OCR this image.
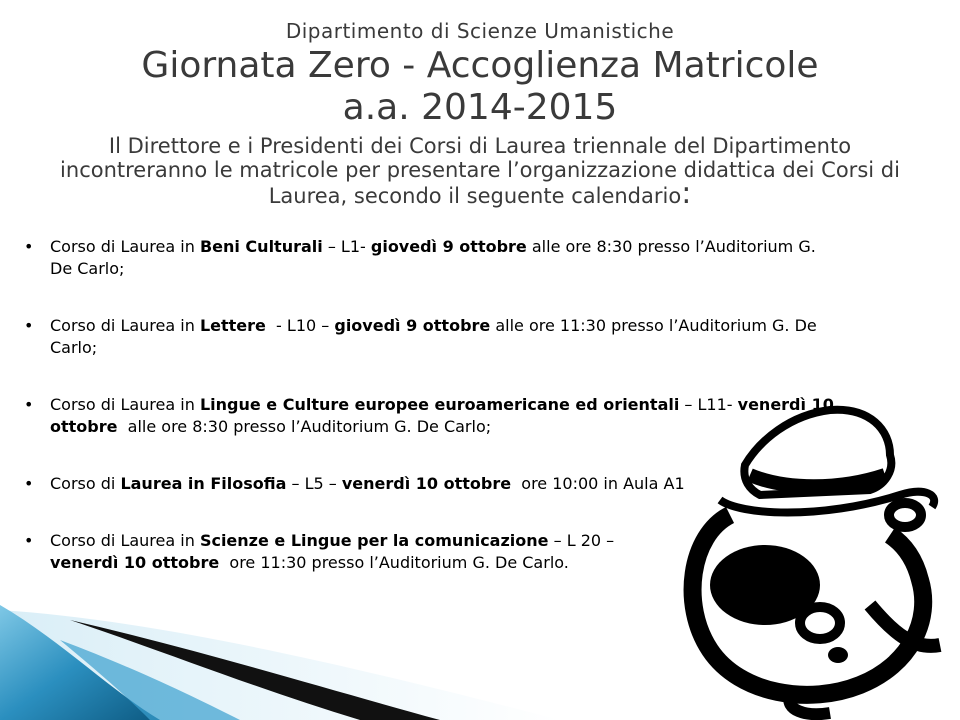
Dipartimento di Scienze Umanistiche
Giornata Zero - Accoglienza Matricole
a.a. 2014-2015
Il Direttore e i Presidenti dei Corsi di Laurea triennale del Dipartimento incontreranno le matricole per presentare l’organizzazione didattica dei Corsi di Laurea, secondo il seguente calendario:
• Corso di Laurea in Beni Culturali – L1- giovedì 9 ottobre alle ore 8:30 presso l’Auditorium G.
De Carlo;
• Corso di Laurea in Lettere  - L10 – giovedì 9 ottobre alle ore 11:30 presso l’Auditorium G. De
Carlo;
• Corso di Laurea in Lingue e Culture europee euroamericane ed orientali – L11- venerdì 10
ottobre  alle ore 8:30 presso l’Auditorium G. De Carlo;
• Corso di Laurea in Filosofia – L5 – venerdì 10 ottobre  ore 10:00 in Aula A1
• Corso di Laurea in Scienze e Lingue per la comunicazione – L 20 –
venerdì 10 ottobre  ore 11:30 presso l’Auditorium G. De Carlo.
